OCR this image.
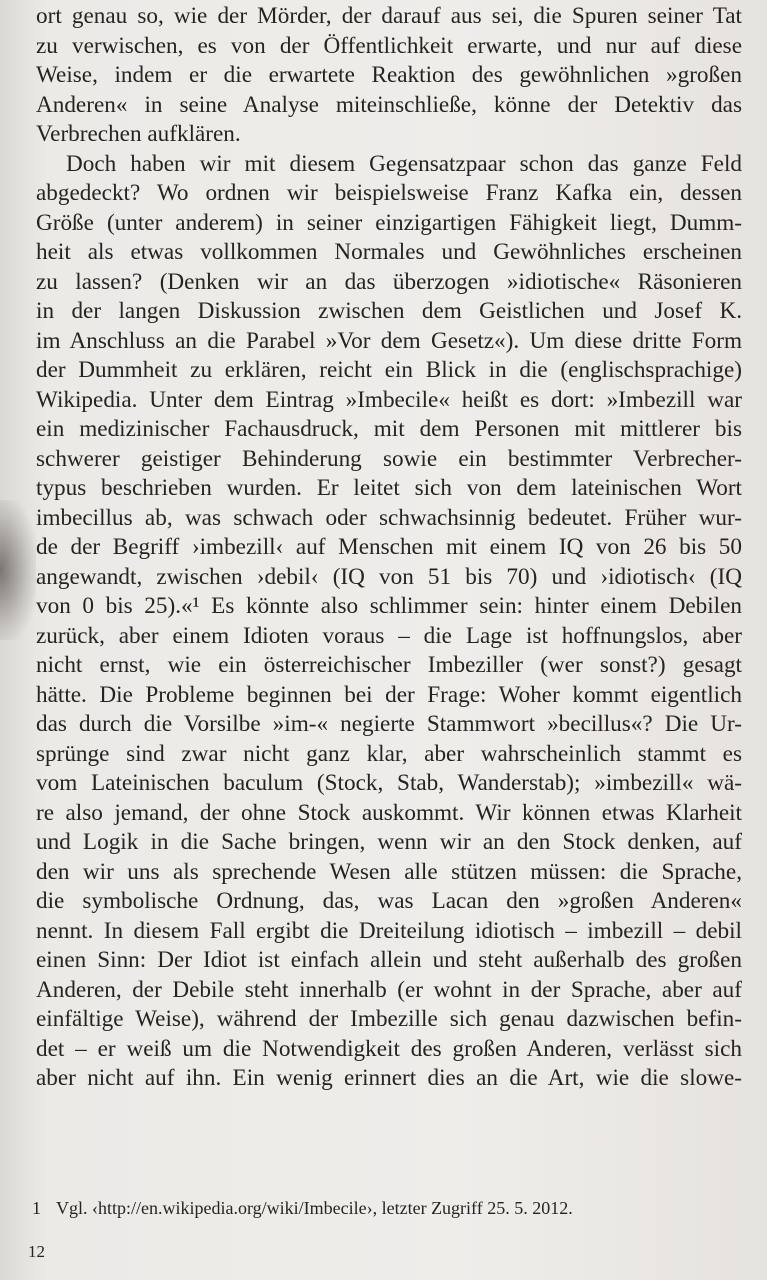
ort genau so, wie der Mörder, der darauf aus sei, die Spuren seiner Tat
zu verwischen, es von der Öffentlichkeit erwarte, und nur auf diese
Weise, indem er die erwartete Reaktion des gewöhnlichen »großen
Anderen« in seine Analyse miteinschließe, könne der Detektiv das
Verbrechen aufklären.
Doch haben wir mit diesem Gegensatzpaar schon das ganze Feld
abgedeckt? Wo ordnen wir beispielsweise Franz Kafka ein, dessen
Größe (unter anderem) in seiner einzigartigen Fähigkeit liegt, Dumm-
heit als etwas vollkommen Normales und Gewöhnliches erscheinen
zu lassen? (Denken wir an das überzogen »idiotische« Räsonieren
in der langen Diskussion zwischen dem Geistlichen und Josef K.
im Anschluss an die Parabel »Vor dem Gesetz«). Um diese dritte Form
der Dummheit zu erklären, reicht ein Blick in die (englischsprachige)
Wikipedia. Unter dem Eintrag »Imbecile« heißt es dort: »Imbezill war
ein medizinischer Fachausdruck, mit dem Personen mit mittlerer bis
schwerer geistiger Behinderung sowie ein bestimmter Verbrecher-
typus beschrieben wurden. Er leitet sich von dem lateinischen Wort
imbecillus ab, was schwach oder schwachsinnig bedeutet. Früher wur-
de der Begriff ›imbezill‹ auf Menschen mit einem IQ von 26 bis 50
angewandt, zwischen ›debil‹ (IQ von 51 bis 70) und ›idiotisch‹ (IQ
von 0 bis 25).«¹ Es könnte also schlimmer sein: hinter einem Debilen
zurück, aber einem Idioten voraus – die Lage ist hoffnungslos, aber
nicht ernst, wie ein österreichischer Imbeziller (wer sonst?) gesagt
hätte. Die Probleme beginnen bei der Frage: Woher kommt eigentlich
das durch die Vorsilbe »im-« negierte Stammwort »becillus«? Die Ur-
sprünge sind zwar nicht ganz klar, aber wahrscheinlich stammt es
vom Lateinischen baculum (Stock, Stab, Wanderstab); »imbezill« wä-
re also jemand, der ohne Stock auskommt. Wir können etwas Klarheit
und Logik in die Sache bringen, wenn wir an den Stock denken, auf
den wir uns als sprechende Wesen alle stützen müssen: die Sprache,
die symbolische Ordnung, das, was Lacan den »großen Anderen«
nennt. In diesem Fall ergibt die Dreiteilung idiotisch – imbezill – debil
einen Sinn: Der Idiot ist einfach allein und steht außerhalb des großen
Anderen, der Debile steht innerhalb (er wohnt in der Sprache, aber auf
einfältige Weise), während der Imbezille sich genau dazwischen befin-
det – er weiß um die Notwendigkeit des großen Anderen, verlässt sich
aber nicht auf ihn. Ein wenig erinnert dies an die Art, wie die slowe-
1 Vgl. ‹http://en.wikipedia.org/wiki/Imbecile›, letzter Zugriff 25. 5. 2012.
12
